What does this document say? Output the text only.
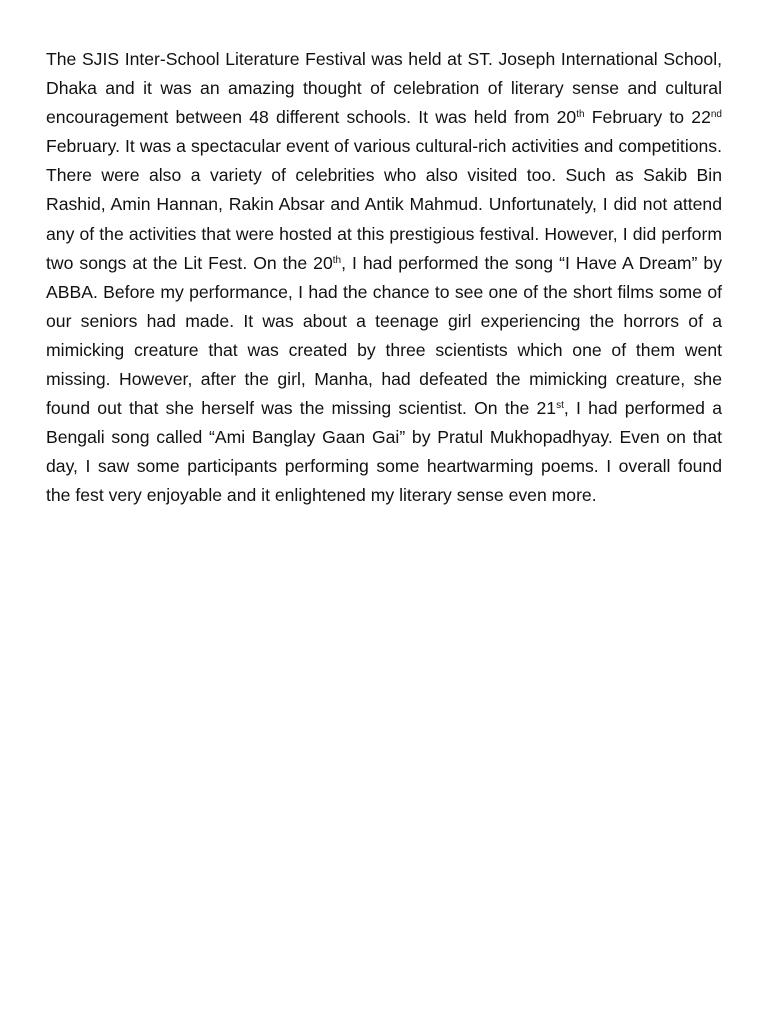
The SJIS Inter-School Literature Festival was held at ST. Joseph International School, Dhaka and it was an amazing thought of celebration of literary sense and cultural encouragement between 48 different schools. It was held from 20th February to 22nd February. It was a spectacular event of various cultural-rich activities and competitions. There were also a variety of celebrities who also visited too. Such as Sakib Bin Rashid, Amin Hannan, Rakin Absar and Antik Mahmud. Unfortunately, I did not attend any of the activities that were hosted at this prestigious festival. However, I did perform two songs at the Lit Fest. On the 20th, I had performed the song “I Have A Dream” by ABBA. Before my performance, I had the chance to see one of the short films some of our seniors had made. It was about a teenage girl experiencing the horrors of a mimicking creature that was created by three scientists which one of them went missing. However, after the girl, Manha, had defeated the mimicking creature, she found out that she herself was the missing scientist. On the 21st, I had performed a Bengali song called “Ami Banglay Gaan Gai” by Pratul Mukhopadhyay. Even on that day, I saw some participants performing some heartwarming poems. I overall found the fest very enjoyable and it enlightened my literary sense even more.
